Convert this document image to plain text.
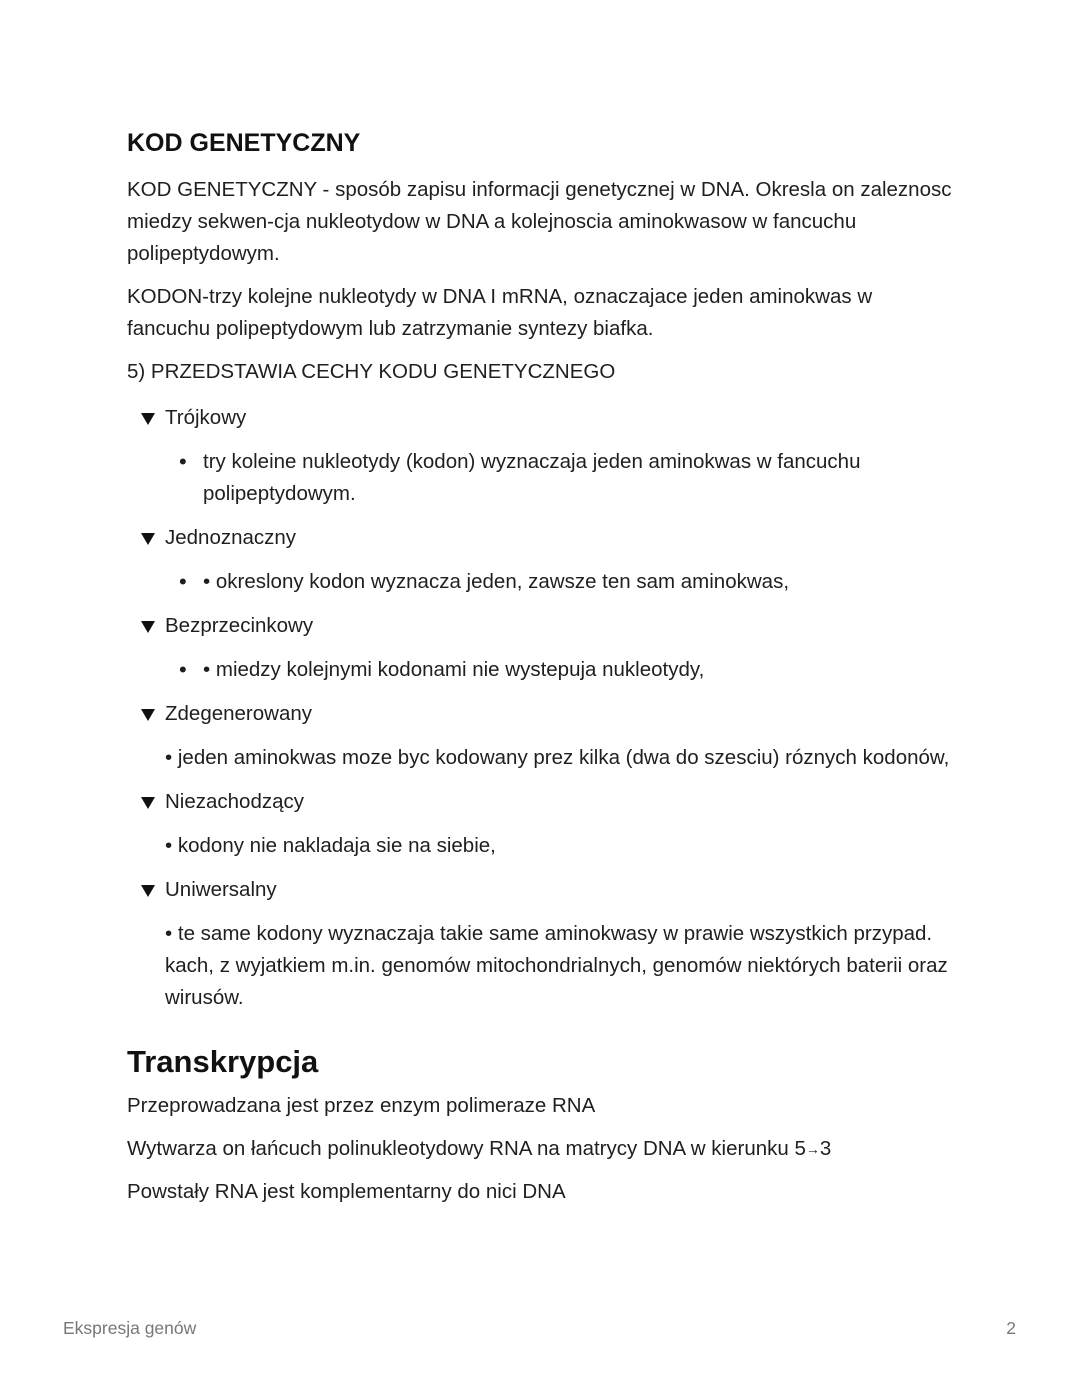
KOD GENETYCZNY

KOD GENETYCZNY - sposób zapisu informacji genetycznej w DNA. Okresla on zaleznosc miedzy sekwen-cja nukleotydow w DNA a kolejnoscia aminokwasow w fancuchu polipeptydowym.

KODON-trzy kolejne nukleotydy w DNA I mRNA, oznaczajace jeden aminokwas w fancuchu polipeptydowym lub zatrzymanie syntezy biafka.

5) PRZEDSTAWIA CECHY KODU GENETYCZNEGO

Trójkowy
• try koleine nukleotydy (kodon) wyznaczaja jeden aminokwas w fancuchu polipeptydowym.
Jednoznaczny
• • okreslony kodon wyznacza jeden, zawsze ten sam aminokwas,
Bezprzecinkowy
• • miedzy kolejnymi kodonami nie wystepuja nukleotydy,
Zdegenerowany
• jeden aminokwas moze byc kodowany prez kilka (dwa do szesciu) róznych kodonów,
Niezachodzący
• kodony nie nakladaja sie na siebie,
Uniwersalny
• te same kodony wyznaczaja takie same aminokwasy w prawie wszystkich przypad. kach, z wyjatkiem m.in. genomów mitochondrialnych, genomów niektórych baterii oraz wirusów.
Transkrypcja

Przeprowadzana jest przez enzym polimeraze RNA

Wytwarza on łańcuch polinukleotydowy RNA na matrycy DNA w kierunku 5→3

Powstały RNA jest komplementarny do nici DNA

Ekspresja genów	2
